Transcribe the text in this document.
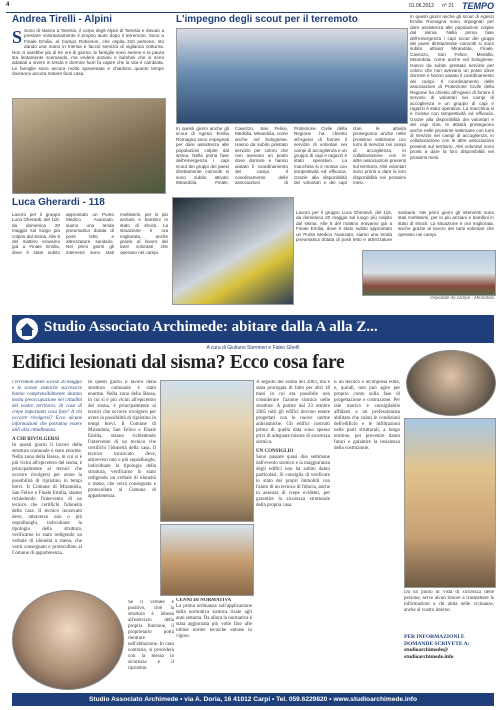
4	01.06.2012 n° 21 TEMPO
Andrea Tirelli - Alpini
S Sono di stanza a Tarvisio, il corpo degli Alpini di Tarvisio e dovuto a prestare volontariamente il proprio aiuto dopo il terremoto. Sono a Finale Emilia, al Campo Robinson, che ospita 310 persone, sto dando una mano in mensa e faccio servizio di vigilanza notturna. Non ci sarebbe più di tre ore di giorno; le famiglie sono serene e la paura sta lentamente scemando, ma vedere anziani e bambini che si sono adattati a vivere in tenda e dormire fuori fa capire che la vita è cambiata. Le famiglie sono ancora molto spaventate e chiedono quanto tempo dovranno ancora restare fuori casa.
L'impegno degli scout per il terremoto	In questi giorni anche gli scout di Agesci Emilia Romagna sono impegnati per dare assistenza alle popolazioni colpite dal sisma. Nella prima fase dell'emergenza i capi scout dei gruppi dei paesi direttamente coinvolti si sono subito attivati: Mirandola, Finale, Cavezzo, San Felice, Medolla, Mirandola, come anche nel bolognese. Hanno da subito prestato servizio per coloro che non avevano un posto dove dormire e hanno aiutato il coordinamento dei campi. Il coordinamento delle associazioni di Protezione Civile della Regione ha chiesto all'Agesci di fornire il servizio di volontari nei campi di accoglienza e un gruppo di capi e ragazzi è stato operativo. La macchina si è mossa con tempestività ed efficacia. Grazie alla disponibilità dei volontari e dei capi clan, le attività proseguono anche nelle prossime settimane con turni di servizio nei campi di accoglienza, in collaborazione con le altre associazioni presenti sul territorio. Altri volontari sono pronti a dare la loro disponibilità nei prossimi mesi.
In questi giorni anche gli scout di Agesci Emilia Romagna sono impegnati per dare assistenza alle popolazioni colpite dal sisma. Nella prima fase dell'emergenza i capi scout dei gruppi dei paesi direttamente coinvolti si sono subito attivati: Mirandola, Finale, Cavezzo, San Felice, Medolla, Mirandola, come anche nel bolognese. Hanno da subito prestato servizio per coloro che non avevano un posto dove dormire e hanno aiutato il coordinamento dei campi. Il coordinamento delle associazioni di Protezione Civile della Regione ha chiesto all'Agesci di fornire il servizio di volontari nei campi di accoglienza e un gruppo di capi e ragazzi è stato operativo. La macchina si è mossa con tempestività ed efficacia. Grazie alla disponibilità dei volontari e dei capi clan, le attività proseguono anche nelle prossime settimane con turni di servizio nei campi di accoglienza, in collaborazione con le altre associazioni presenti sul territorio. Altri volontari sono pronti a dare la loro disponibilità nei prossimi mesi.
Luca Gherardi - 118
Lavoro per il gruppo Luca Gherardi, del 118, da domenica 20 maggio sul luogo più colpito dal sisma. Alle 6 del mattino eravamo già a Finale Emilia, dove è stato subito approntato un Punto Medico Avanzato, siamo una tenda pneumatica dotata di posti letto e attrezzature sanitarie. Nei primi giorni gli interventi sono stati moltissimi, per lo più anziani e bambini in stato di shock. La situazione è ora migliorata, anche grazie al lavoro dei tanti volontari che operano nei campi.
Lavoro per il gruppo Luca Gherardi, del 118, da domenica 20 maggio sul luogo più colpito dal sisma. Alle 6 del mattino eravamo già a Finale Emilia, dove è stato subito approntato un Punto Medico Avanzato, siamo una tenda pneumatica dotata di posti letto e attrezzature sanitarie. Nei primi giorni gli interventi sono stati moltissimi, per lo più anziani e bambini in stato di shock. La situazione è ora migliorata, anche grazie al lavoro dei tanti volontari che operano nei campi.
Ospedale da campo - Mirandola
Studio Associato Archimede: abitare dalla A alla Z...
A cura di Giuliano Stermieri e Fabio Ghelfi
Edifici lesionati dal sisma? Ecco cosa fare
I terremoti delle scorse 20 maggio e le scosse sismiche successive hanno comprensibilmente destato molta preoccupazione nei cittadini del nostro territorio. In caso di crepe importanti cosa fare? A chi occorre rivolgersi? Ecco alcune informazioni che potranno essere utili alla cittadinanza.
A CHI RIVOLGERSI
In questi giorni il lavoro della struttura comunale è stato enorme. Nella zona della Bassa, in cui si è più vicini all'epicentro del sisma, è principalmente ai tecnici che occorre rivolgersi per avere la possibilità di ripristino in tempi brevi. Il Comune di Mirandola, San Felice e Finale Emilia, stanno richiedendo l'intervento di un tecnico che certifichi l'idoneità della casa. Il tecnico incaricato deve, attraverso uno o più sopralluoghi, individuare la tipologia della struttura, verificarne lo stato redigendo un verbale di idoneità o meno, che verrà consegnato e protocollato al Comune di appartenenza.
In questi giorni il lavoro della struttura comunale è stato enorme. Nella zona della Bassa, in cui si è più vicini all'epicentro del sisma, è principalmente ai tecnici che occorre rivolgersi per avere la possibilità di ripristino in tempi brevi. Il Comune di Mirandola, San Felice e Finale Emilia, stanno richiedendo l'intervento di un tecnico che certifichi l'idoneità della casa. Il tecnico incaricato deve, attraverso uno o più sopralluoghi, individuare la tipologia della struttura, verificarne lo stato redigendo un verbale di idoneità o meno, che verrà consegnato e protocollato al Comune di appartenenza.
A seguito del sisma del 2003, ma è stata prorogata di fatto per altri 18 mesi in cui era possibile non considerare l'azione sismica nelle strutture. A partire dal 23 ottobre 2005 tutti gli edifici devono essere progettati con le nuove norme antisismiche. Gli edifici costruiti prima di quella data sono spesso privi di adeguate misure di sicurezza sismica.
UN CONSIGLIO
Sono passate quasi due settimane dall'evento sismico e la maggioranza degli edifici non ha subito danni particolari. Si consiglia di verificare lo stato dei propri immobili con l'aiuto di un tecnico di fiducia, anche in assenza di crepe evidenti, per garantire la sicurezza strutturale della propria casa.
È un tecnico o un'impresa edile, e, quindi, non può agire per proprio conto sulla fase di progettazione e costruzione. Per tale motivo è consigliabile affidarsi a un professionista abilitato che valuti le condizioni dell'edificio e le infiltrazioni nelle parti strutturali, a lungo termine, per prevenire danni futuri e garantire la resistenza della costruzione.
Da un punto di vista di sicurezza delle persone, serve alcun timore a trasmettere le informazioni a chi abita nelle vicinanze, anche al vostro interno.
PER INFORMAZIONI E DOMANDE SCRIVETE A:
studioarchimede@
studioarchimede.info
CENNI DI NORMATIVA
La prima ordinanza sull'applicazione della normativa sismica risale agli anni settanta. Da allora la normativa è stata aggiornata più volte fino alle ultime norme tecniche entrate in vigore.
Se il verbale è positivo, cioè la struttura è idonea all'esercizio della propria funzione, il proprietario potrà rientrare nell'abitazione. In caso contrario, si procederà con la messa in sicurezza e il ripristino.
Studio Associato Archimede • via A. Doria, 16 41012 Carpi • Tel. 059.6229820 • www.studioarchimede.info
